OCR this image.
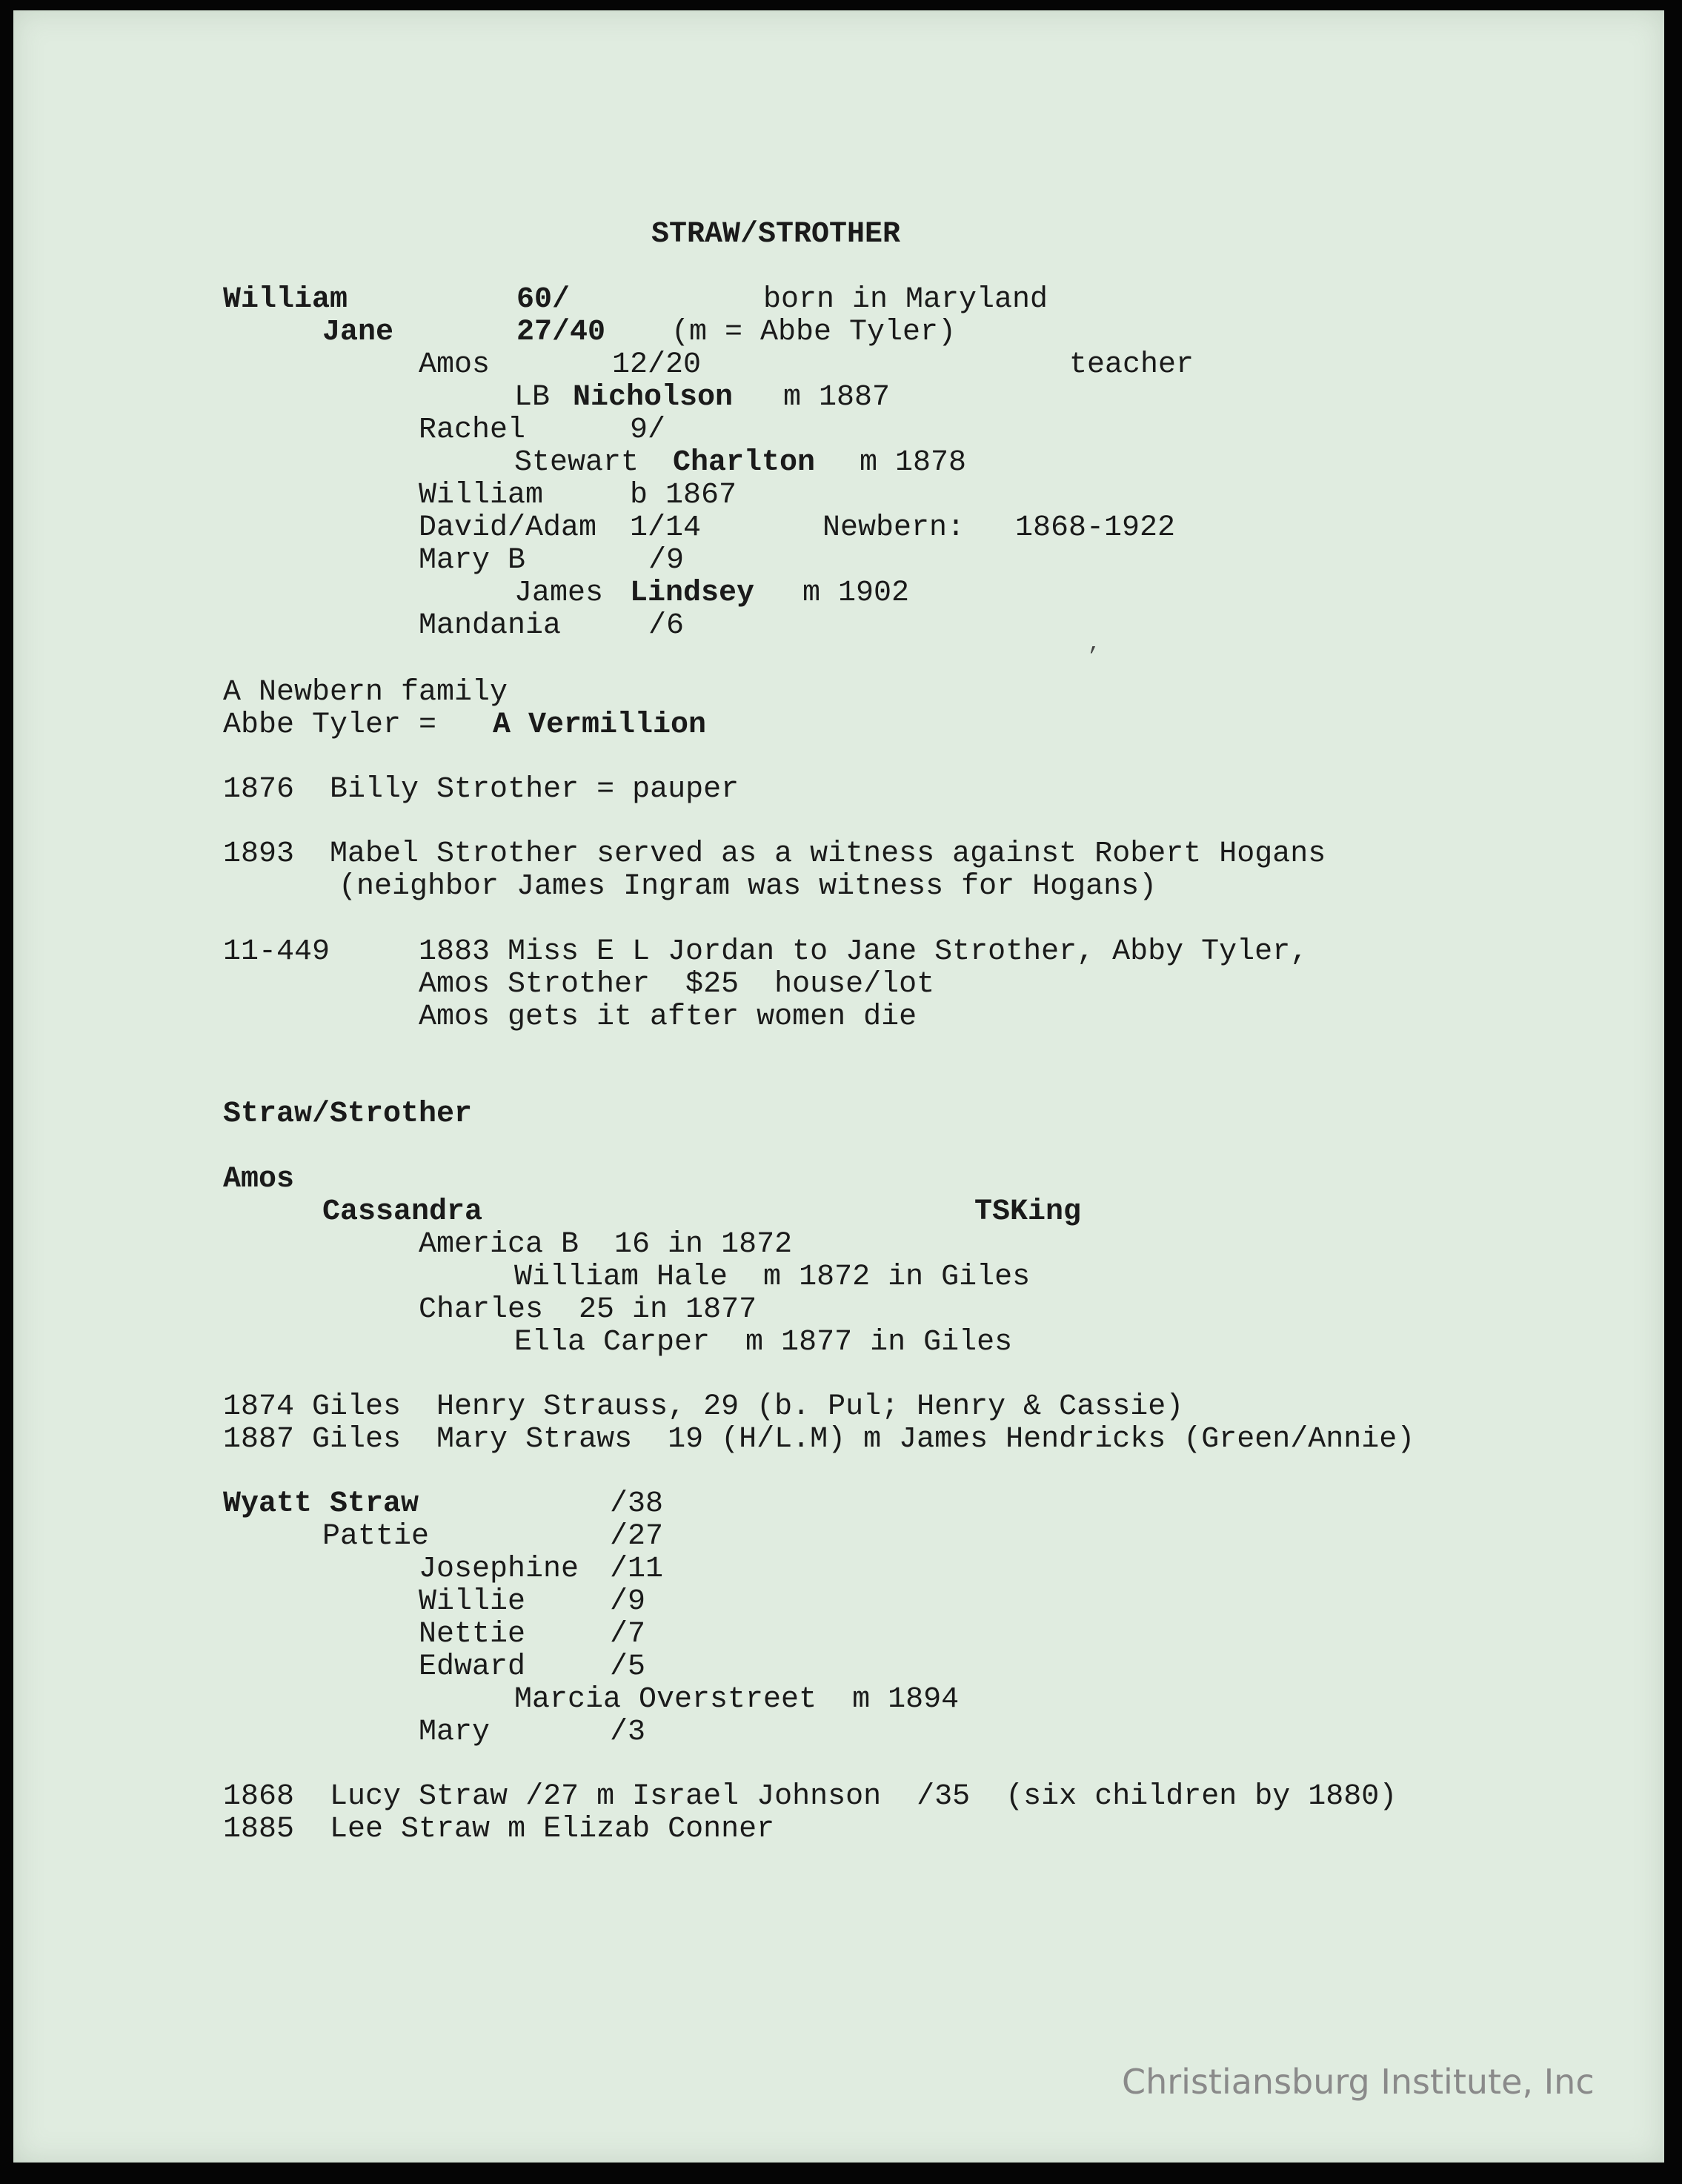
STRAW/STROTHER
William	60/	born in Maryland
Jane	27/40 (m = Abbe Tyler)
Amos	12/20	teacher
LB Nicholson m 1887
Rachel	9/
Stewart Charlton m 1878
William	b 1867
David/Adam 1/14	Newbern: 1868-1922
Mary B	/9
James Lindsey m 1902
Mandania	/6
,
A Newbern family
Abbe Tyler = A Vermillion
1876  Billy Strother = pauper
1893  Mabel Strother served as a witness against Robert Hogans
(neighbor James Ingram was witness for Hogans)
11-449	1883 Miss E L Jordan to Jane Strother, Abby Tyler,
Amos Strother  $25  house/lot
Amos gets it after women die
Straw/Strother
Amos
Cassandra	TSKing
America B  16 in 1872
William Hale  m 1872 in Giles
Charles  25 in 1877
Ella Carper  m 1877 in Giles
1874 Giles  Henry Strauss, 29 (b. Pul; Henry & Cassie)
1887 Giles  Mary Straws  19 (H/L.M) m James Hendricks (Green/Annie)
Wyatt Straw	/38
Pattie	/27
Josephine /11
Willie	/9
Nettie	/7
Edward	/5
Marcia Overstreet  m 1894
Mary	/3
1868  Lucy Straw /27 m Israel Johnson  /35  (six children by 1880)
1885  Lee Straw m Elizab Conner
Christiansburg Institute, Inc
